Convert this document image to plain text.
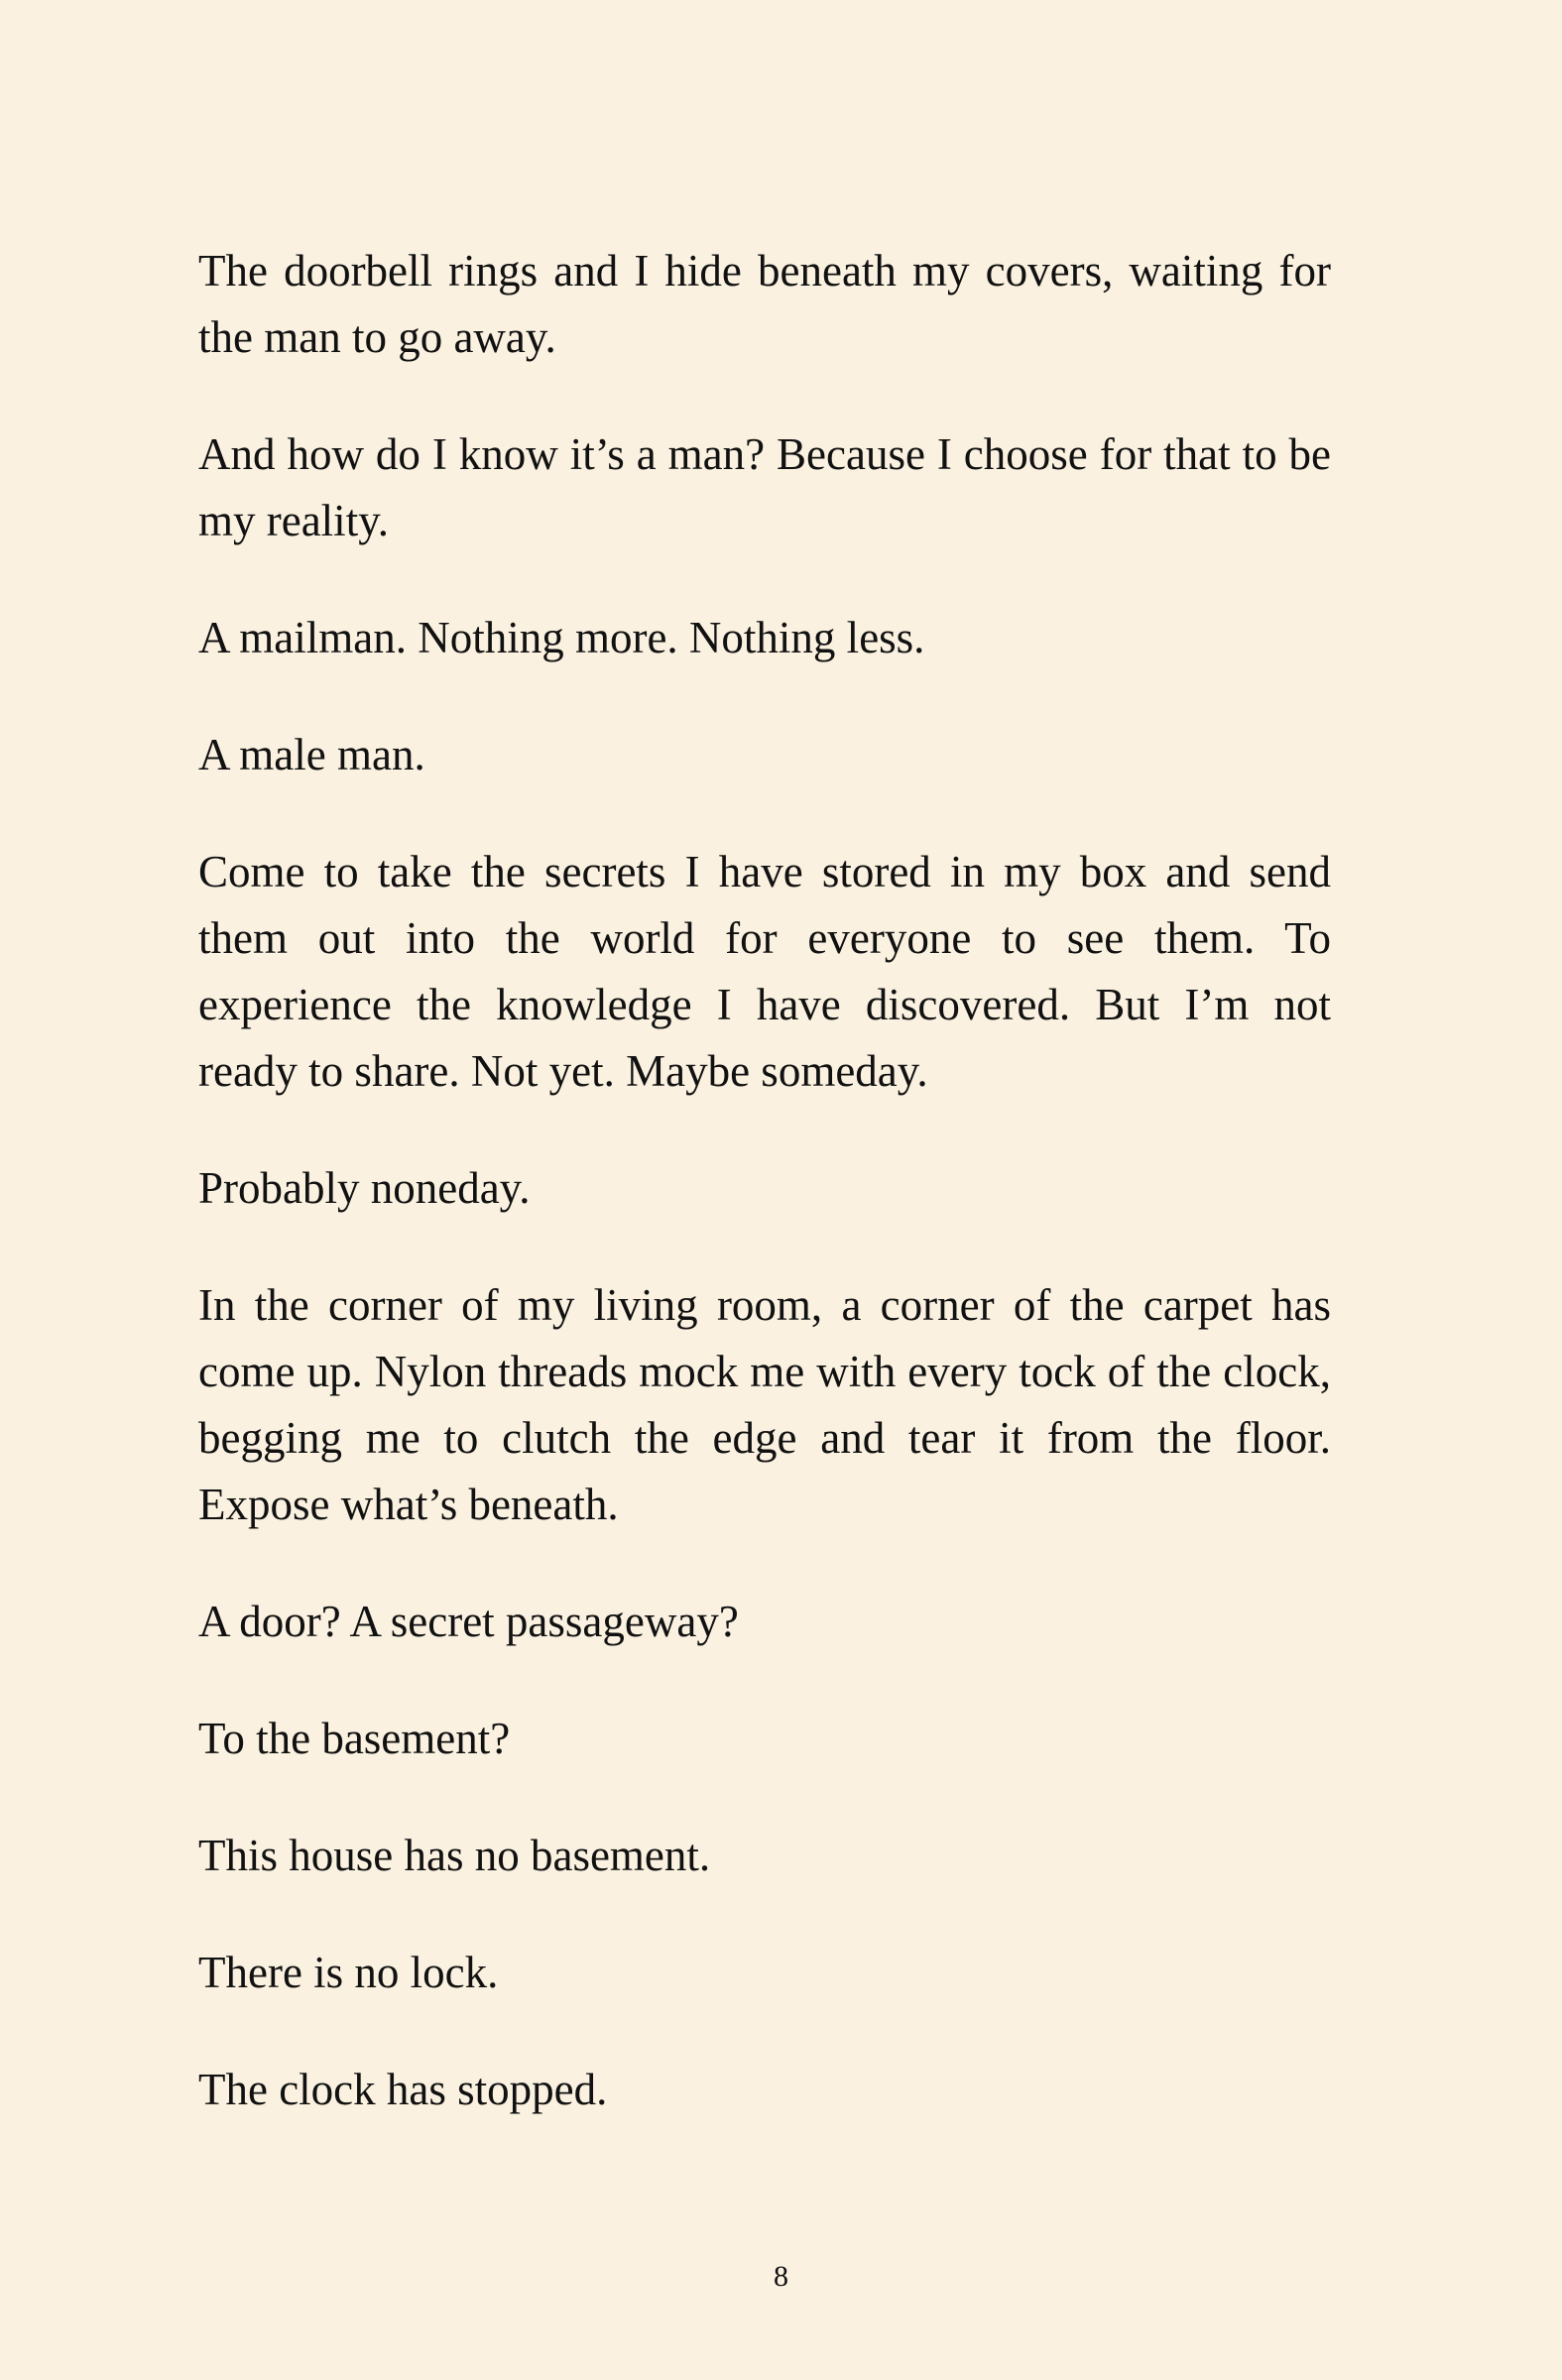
The doorbell rings and I hide beneath my covers, waiting for the man to go away.

And how do I know it’s a man? Because I choose for that to be my reality.

A mailman. Nothing more. Nothing less.

A male man.

Come to take the secrets I have stored in my box and send them out into the world for everyone to see them. To experience the knowledge I have discovered. But I’m not ready to share. Not yet. Maybe someday.

Probably noneday.

In the corner of my living room, a corner of the carpet has come up. Nylon threads mock me with every tock of the clock, begging me to clutch the edge and tear it from the floor. Expose what’s beneath.

A door? A secret passageway?

To the basement?

This house has no basement.

There is no lock.

The clock has stopped.

8
